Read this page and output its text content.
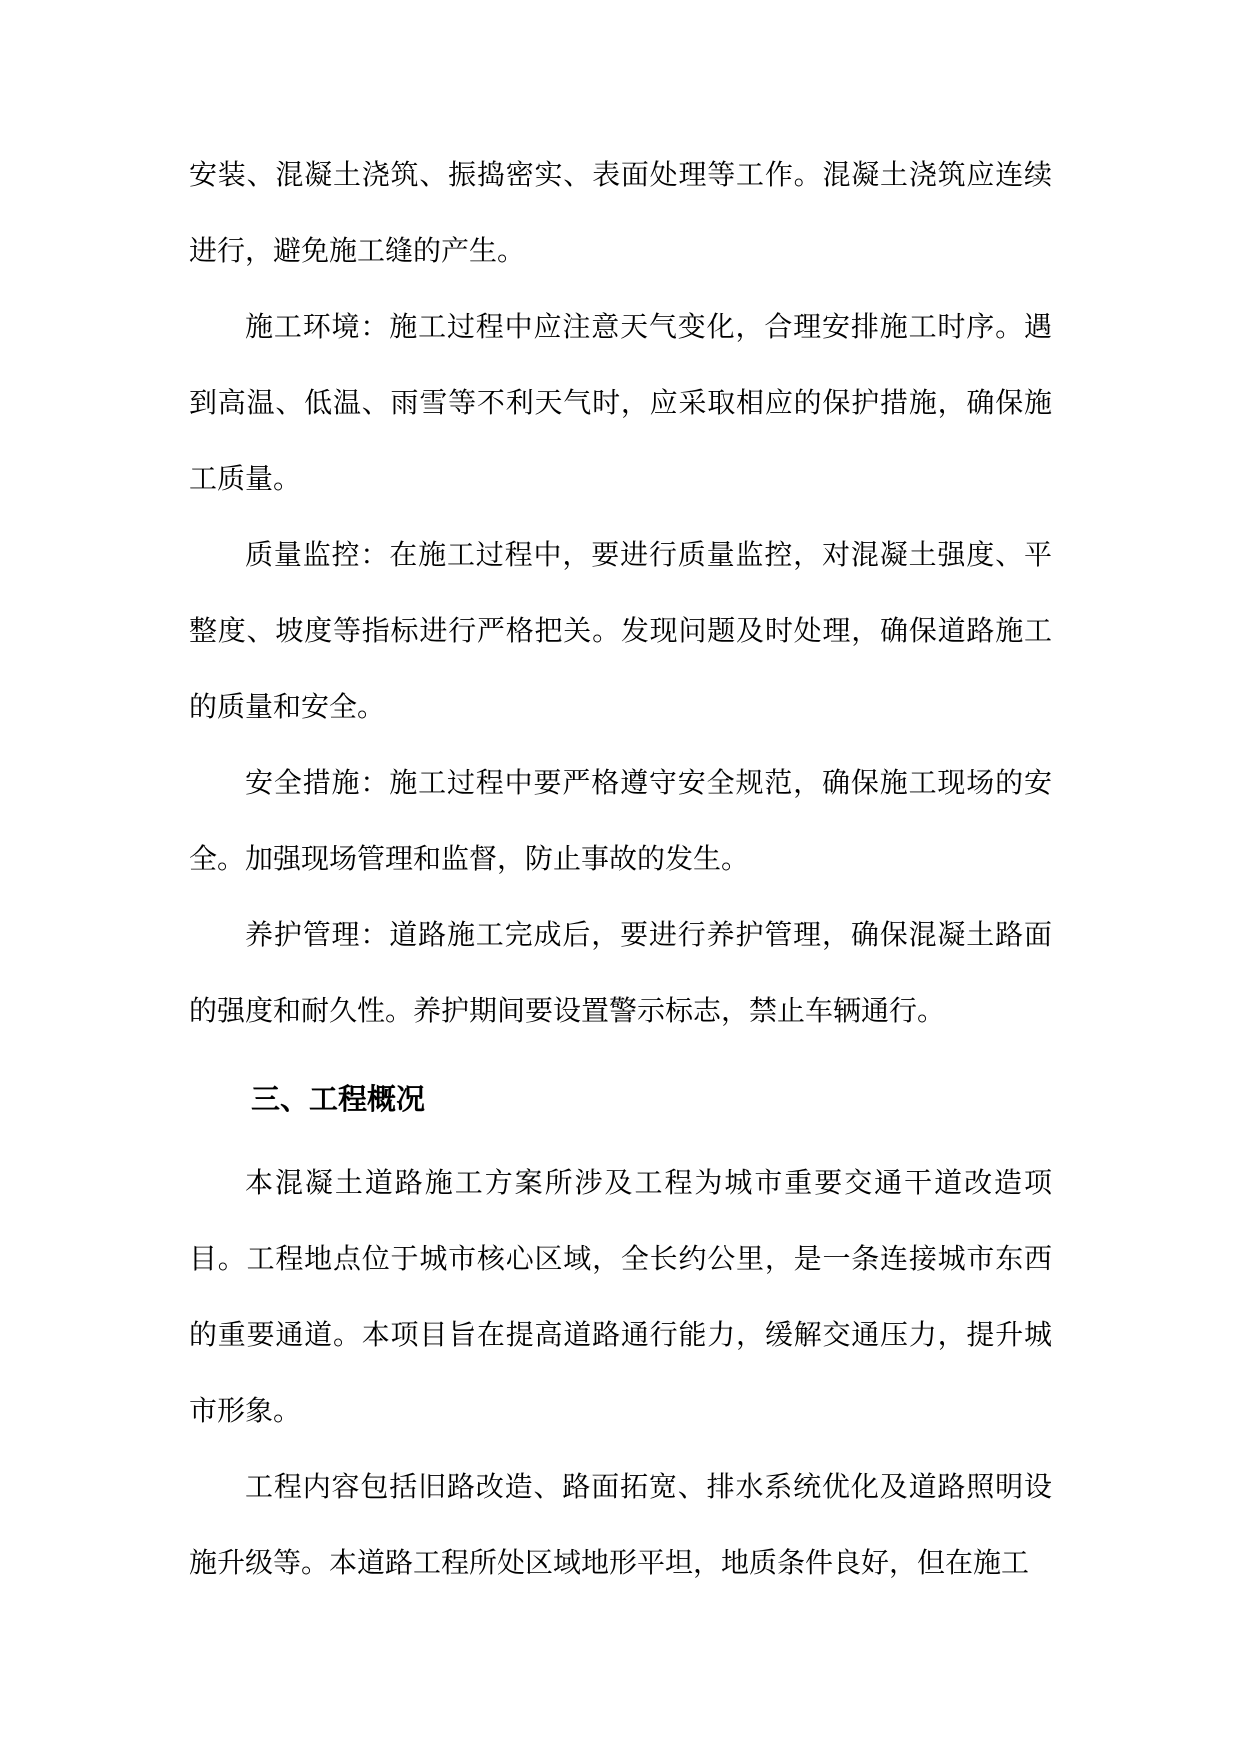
安装、混凝土浇筑、振捣密实、表面处理等工作。混凝土浇筑应连续进行，避免施工缝的产生。

施工环境：施工过程中应注意天气变化，合理安排施工时序。遇到高温、低温、雨雪等不利天气时，应采取相应的保护措施，确保施工质量。

质量监控：在施工过程中，要进行质量监控，对混凝土强度、平整度、坡度等指标进行严格把关。发现问题及时处理，确保道路施工的质量和安全。

安全措施：施工过程中要严格遵守安全规范，确保施工现场的安全。加强现场管理和监督，防止事故的发生。

养护管理：道路施工完成后，要进行养护管理，确保混凝土路面的强度和耐久性。养护期间要设置警示标志，禁止车辆通行。

三、工程概况

本混凝土道路施工方案所涉及工程为城市重要交通干道改造项目。工程地点位于城市核心区域，全长约公里，是一条连接城市东西的重要通道。本项目旨在提高道路通行能力，缓解交通压力，提升城市形象。

工程内容包括旧路改造、路面拓宽、排水系统优化及道路照明设施升级等。本道路工程所处区域地形平坦，地质条件良好，但在施工
